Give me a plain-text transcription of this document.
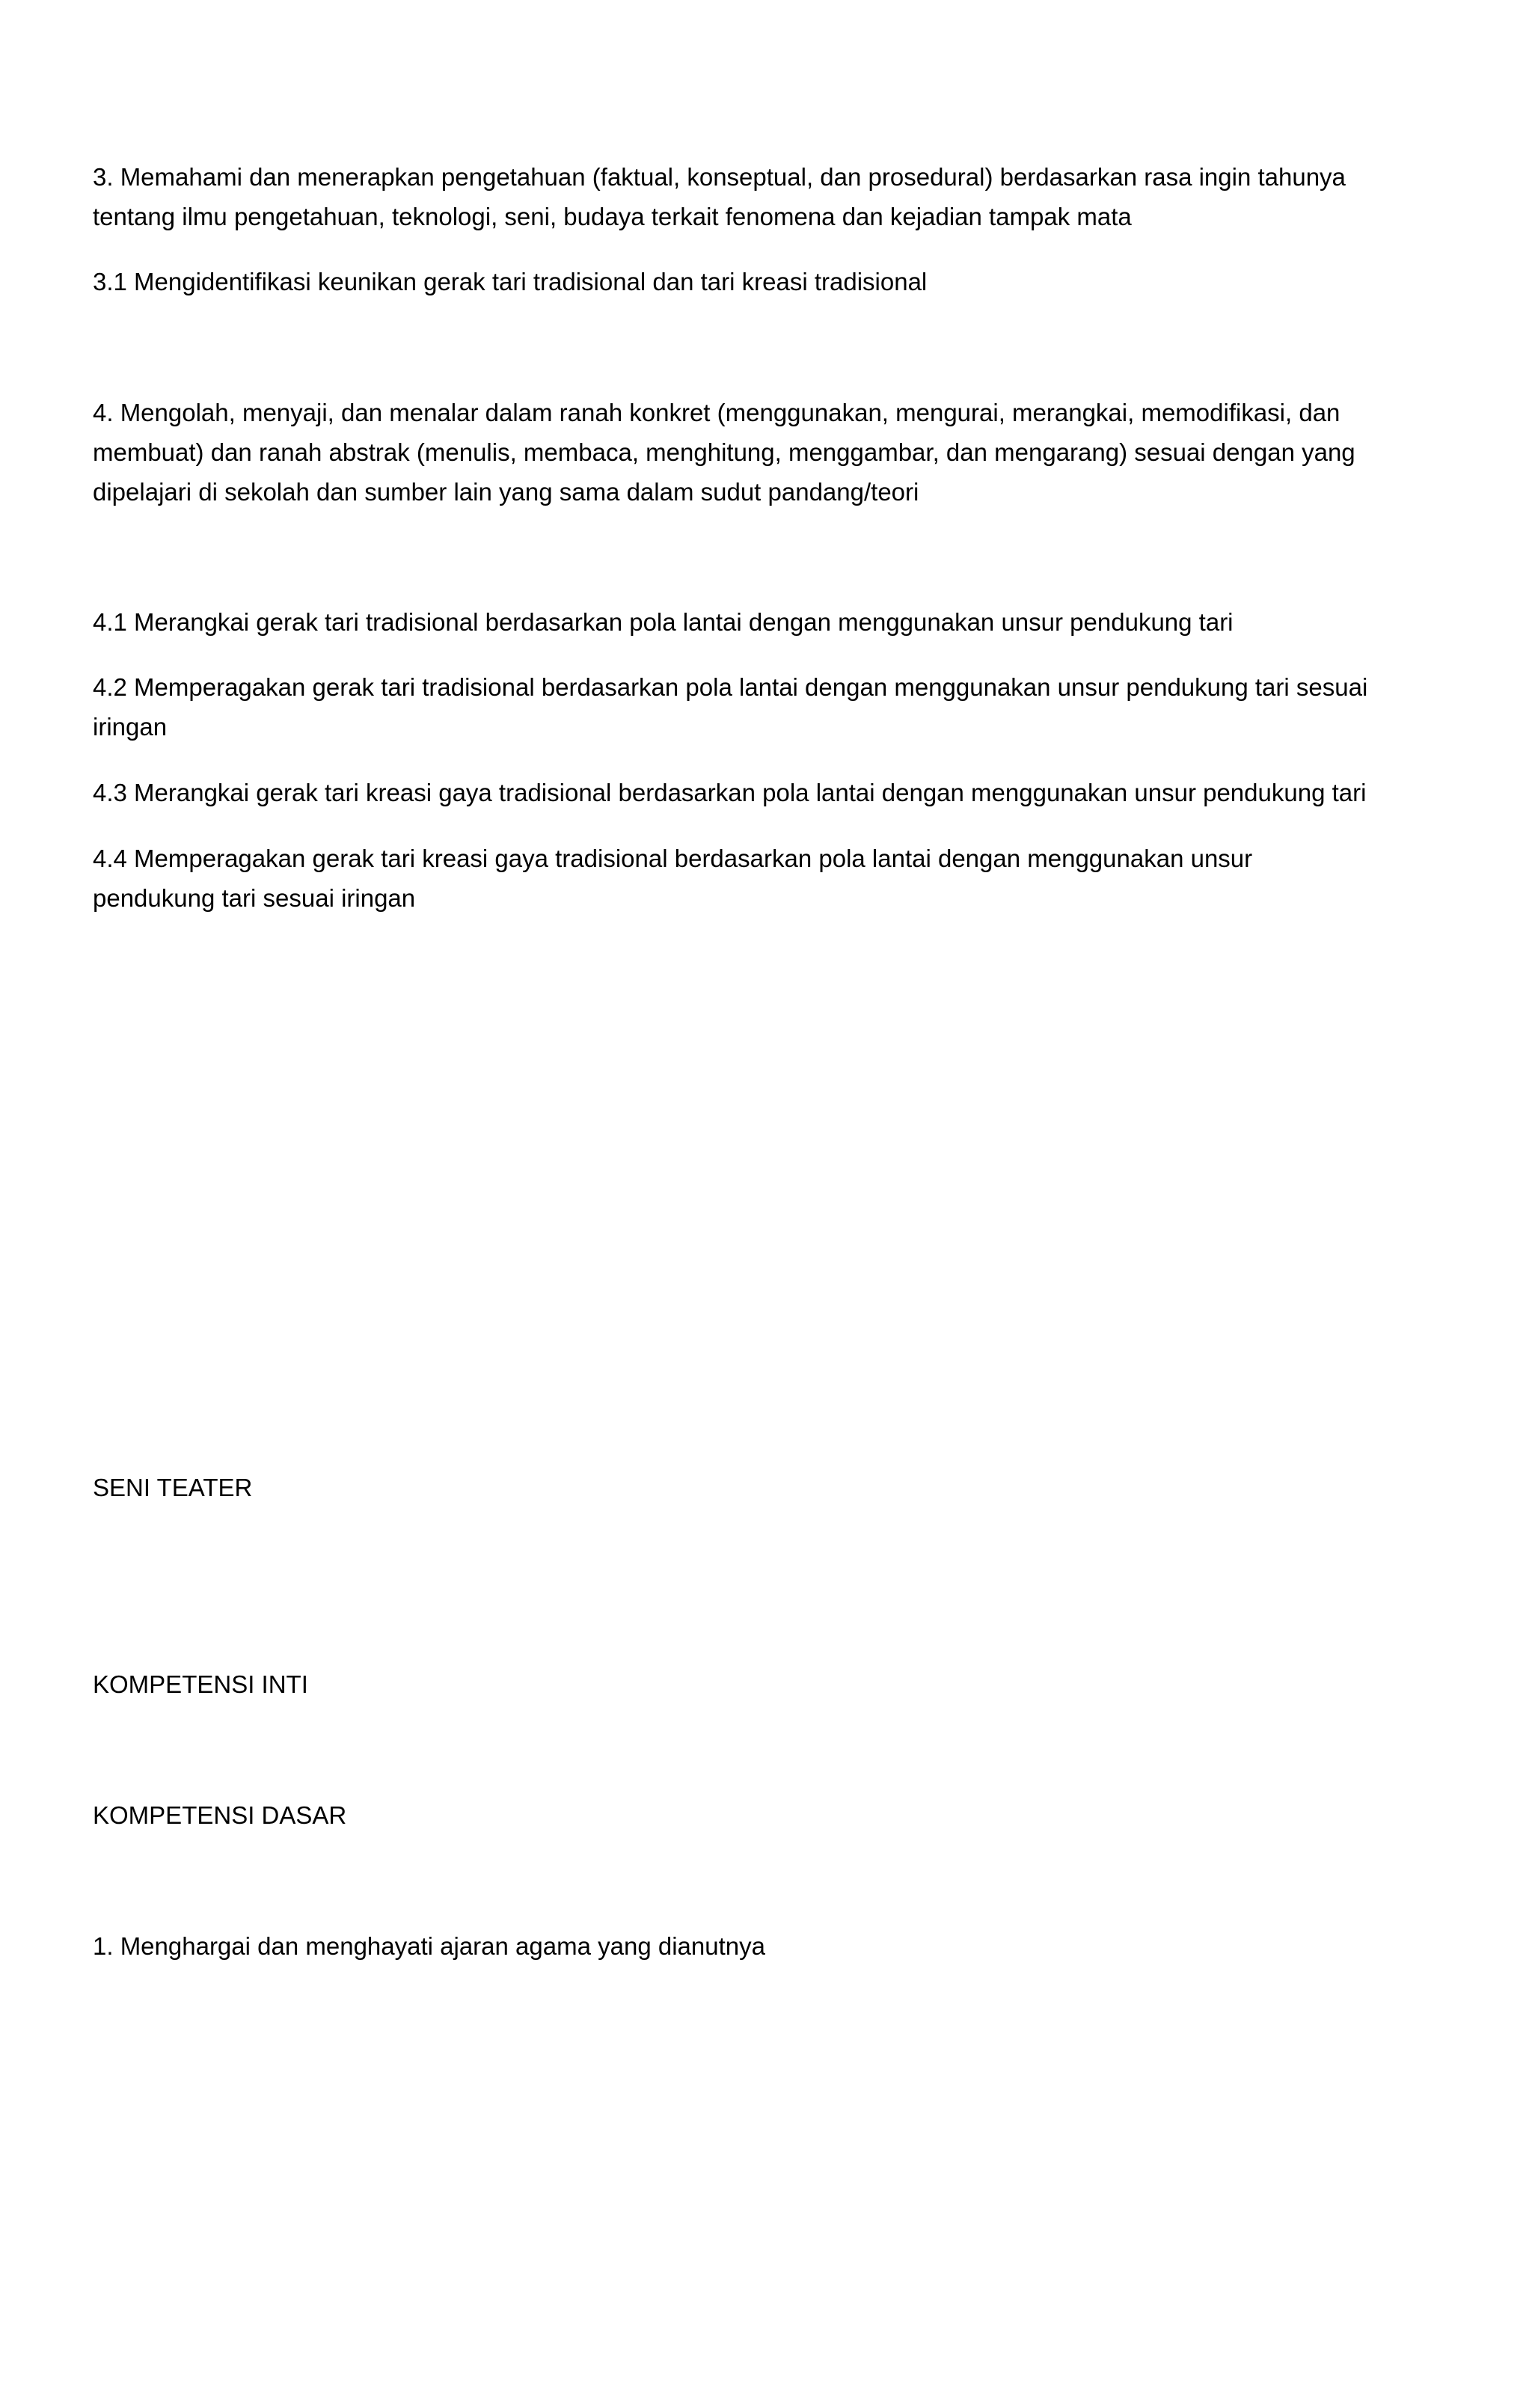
3. Memahami dan menerapkan pengetahuan (faktual, konseptual, dan prosedural) berdasarkan rasa ingin tahunya
tentang ilmu pengetahuan, teknologi, seni, budaya terkait fenomena dan kejadian tampak mata

3.1 Mengidentifikasi keunikan gerak tari tradisional dan tari kreasi tradisional

4. Mengolah, menyaji, dan menalar dalam ranah konkret (menggunakan, mengurai, merangkai, memodifikasi, dan
membuat) dan ranah abstrak (menulis, membaca, menghitung, menggambar, dan mengarang) sesuai dengan yang
dipelajari di sekolah dan sumber lain yang sama dalam sudut pandang/teori

4.1 Merangkai gerak tari tradisional berdasarkan pola lantai dengan menggunakan unsur pendukung tari

4.2 Memperagakan gerak tari tradisional berdasarkan pola lantai dengan menggunakan unsur pendukung tari sesuai
iringan

4.3 Merangkai gerak tari kreasi gaya tradisional berdasarkan pola lantai dengan menggunakan unsur pendukung tari

4.4 Memperagakan gerak tari kreasi gaya tradisional berdasarkan pola lantai dengan menggunakan unsur
pendukung tari sesuai iringan

SENI TEATER

KOMPETENSI INTI

KOMPETENSI DASAR

1. Menghargai dan menghayati ajaran agama yang dianutnya
